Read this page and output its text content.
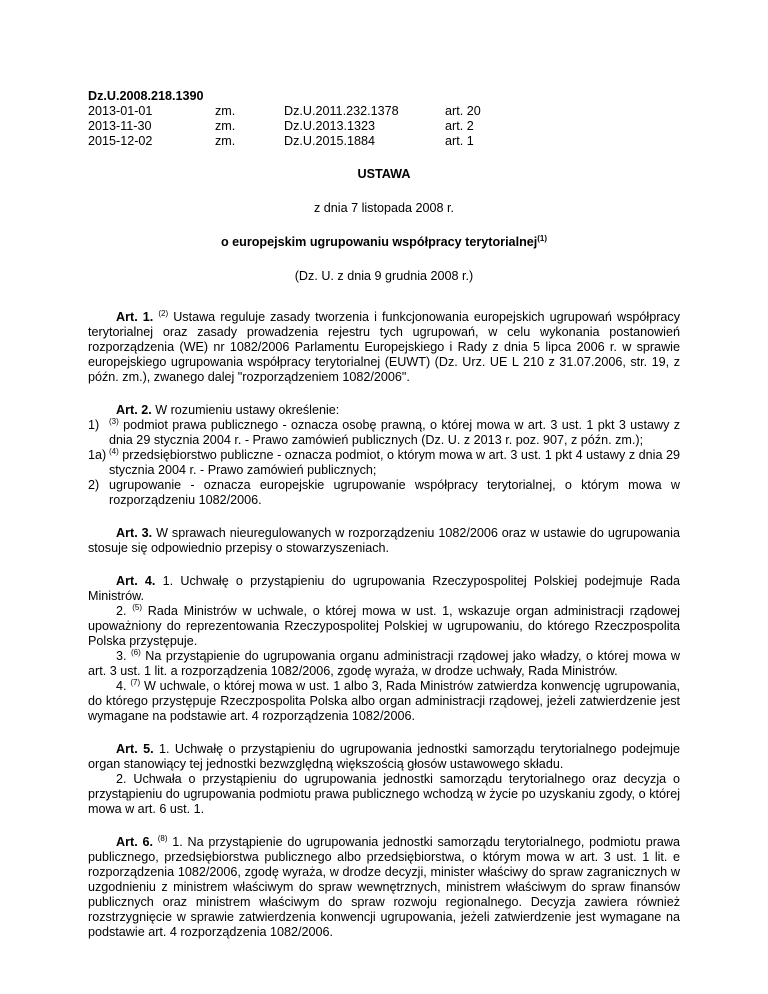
Dz.U.2008.218.1390
2013-01-01	zm.	Dz.U.2011.232.1378	art. 20
2013-11-30	zm.	Dz.U.2013.1323	art. 2
2015-12-02	zm.	Dz.U.2015.1884	art. 1
USTAWA
z dnia 7 listopada 2008 r.
o europejskim ugrupowaniu współpracy terytorialnej$^{(1)}$
(Dz. U. z dnia 9 grudnia 2008 r.)

Art. 1. $^{(2)}$ Ustawa reguluje zasady tworzenia i funkcjonowania europejskich ugrupowań współpracy terytorialnej oraz zasady prowadzenia rejestru tych ugrupowań, w celu wykonania postanowień rozporządzenia (WE) nr 1082/2006 Parlamentu Europejskiego i Rady z dnia 5 lipca 2006 r. w sprawie europejskiego ugrupowania współpracy terytorialnej (EUWT) (Dz. Urz. UE L 210 z 31.07.2006, str. 19, z późn. zm.), zwanego dalej "rozporządzeniem 1082/2006".

Art. 2. W rozumieniu ustawy określenie:

1)	$^{(3)}$ podmiot prawa publicznego - oznacza osobę prawną, o której mowa w art. 3 ust. 1 pkt 3 ustawy z dnia 29 stycznia 2004 r. - Prawo zamówień publicznych (Dz. U. z 2013 r. poz. 907, z późn. zm.);
1a) $^{(4)}$ przedsiębiorstwo publiczne - oznacza podmiot, o którym mowa w art. 3 ust. 1 pkt 4 ustawy z dnia 29 stycznia 2004 r. - Prawo zamówień publicznych;
2) ugrupowanie - oznacza europejskie ugrupowanie współpracy terytorialnej, o którym mowa w rozporządzeniu 1082/2006.

Art. 3. W sprawach nieuregulowanych w rozporządzeniu 1082/2006 oraz w ustawie do ugrupowania stosuje się odpowiednio przepisy o stowarzyszeniach.

Art. 4. 1. Uchwałę o przystąpieniu do ugrupowania Rzeczypospolitej Polskiej podejmuje Rada Ministrów.

2. $^{(5)}$ Rada Ministrów w uchwale, o której mowa w ust. 1, wskazuje organ administracji rządowej upoważniony do reprezentowania Rzeczypospolitej Polskiej w ugrupowaniu, do którego Rzeczpospolita Polska przystępuje.

3. $^{(6)}$ Na przystąpienie do ugrupowania organu administracji rządowej jako władzy, o której mowa w art. 3 ust. 1 lit. a rozporządzenia 1082/2006, zgodę wyraża, w drodze uchwały, Rada Ministrów.

4. $^{(7)}$ W uchwale, o której mowa w ust. 1 albo 3, Rada Ministrów zatwierdza konwencję ugrupowania, do którego przystępuje Rzeczpospolita Polska albo organ administracji rządowej, jeżeli zatwierdzenie jest wymagane na podstawie art. 4 rozporządzenia 1082/2006.

Art. 5. 1. Uchwałę o przystąpieniu do ugrupowania jednostki samorządu terytorialnego podejmuje organ stanowiący tej jednostki bezwzględną większością głosów ustawowego składu.

2. Uchwała o przystąpieniu do ugrupowania jednostki samorządu terytorialnego oraz decyzja o przystąpieniu do ugrupowania podmiotu prawa publicznego wchodzą w życie po uzyskaniu zgody, o której mowa w art. 6 ust. 1.

Art. 6. $^{(8)}$ 1. Na przystąpienie do ugrupowania jednostki samorządu terytorialnego, podmiotu prawa publicznego, przedsiębiorstwa publicznego albo przedsiębiorstwa, o którym mowa w art. 3 ust. 1 lit. e rozporządzenia 1082/2006, zgodę wyraża, w drodze decyzji, minister właściwy do spraw zagranicznych w uzgodnieniu z ministrem właściwym do spraw wewnętrznych, ministrem właściwym do spraw finansów publicznych oraz ministrem właściwym do spraw rozwoju regionalnego. Decyzja zawiera również rozstrzygnięcie w sprawie zatwierdzenia konwencji ugrupowania, jeżeli zatwierdzenie jest wymagane na podstawie art. 4 rozporządzenia 1082/2006.
